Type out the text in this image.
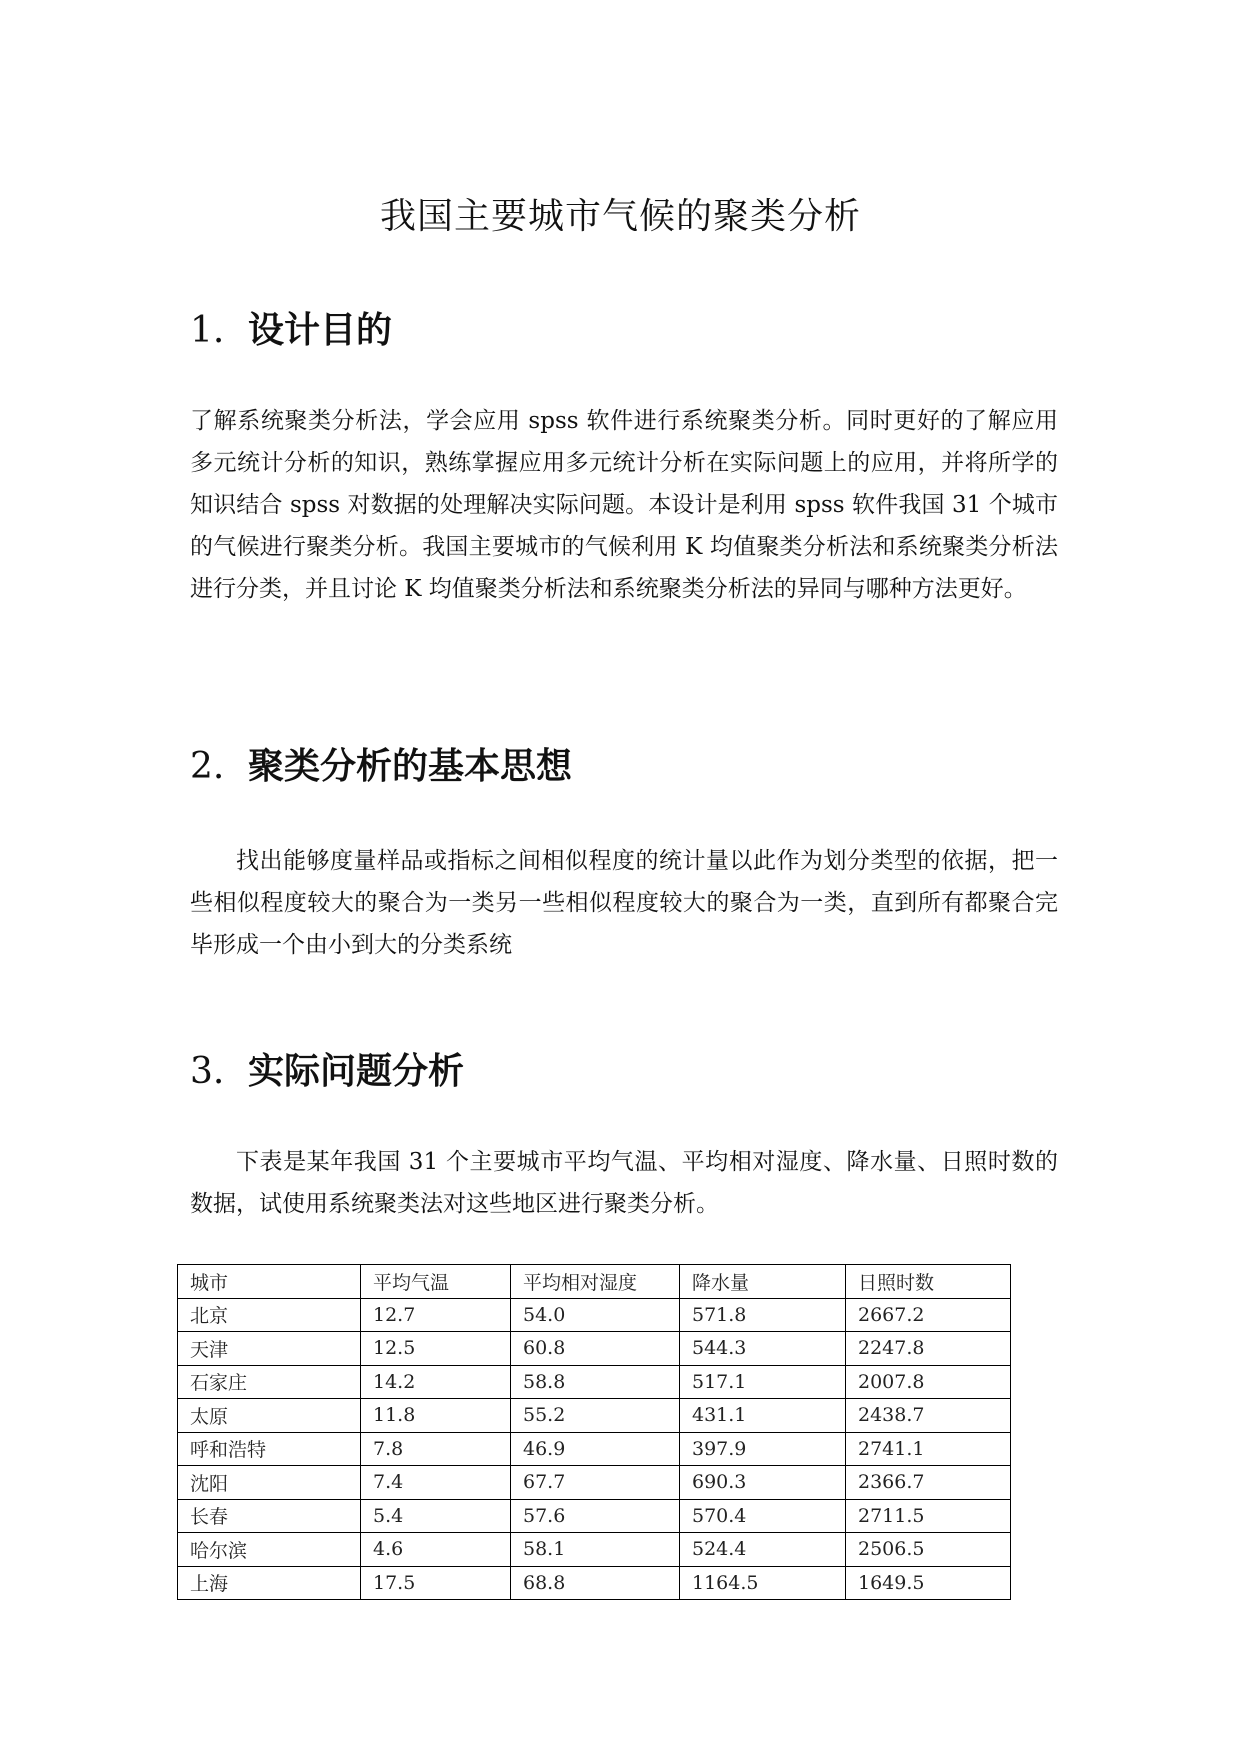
我国主要城市气候的聚类分析
1. 设计目的
了解系统聚类分析法，学会应用 spss 软件进行系统聚类分析。同时更好的了解应用多元统计分析的知识，熟练掌握应用多元统计分析在实际问题上的应用，并将所学的知识结合 spss 对数据的处理解决实际问题。本设计是利用 spss 软件我国 31 个城市的气候进行聚类分析。我国主要城市的气候利用 K 均值聚类分析法和系统聚类分析法进行分类，并且讨论 K 均值聚类分析法和系统聚类分析法的异同与哪种方法更好。
2. 聚类分析的基本思想
找出能够度量样品或指标之间相似程度的统计量以此作为划分类型的依据，把一些相似程度较大的聚合为一类另一些相似程度较大的聚合为一类，直到所有都聚合完毕形成一个由小到大的分类系统
3. 实际问题分析
下表是某年我国 31 个主要城市平均气温、平均相对湿度、降水量、日照时数的数据，试使用系统聚类法对这些地区进行聚类分析。
城市	平均气温	平均相对湿度	降水量	日照时数
北京	12.7	54.0	571.8	2667.2
天津	12.5	60.8	544.3	2247.8
石家庄	14.2	58.8	517.1	2007.8
太原	11.8	55.2	431.1	2438.7
呼和浩特	7.8	46.9	397.9	2741.1
沈阳	7.4	67.7	690.3	2366.7
长春	5.4	57.6	570.4	2711.5
哈尔滨	4.6	58.1	524.4	2506.5
上海	17.5	68.8	1164.5	1649.5
